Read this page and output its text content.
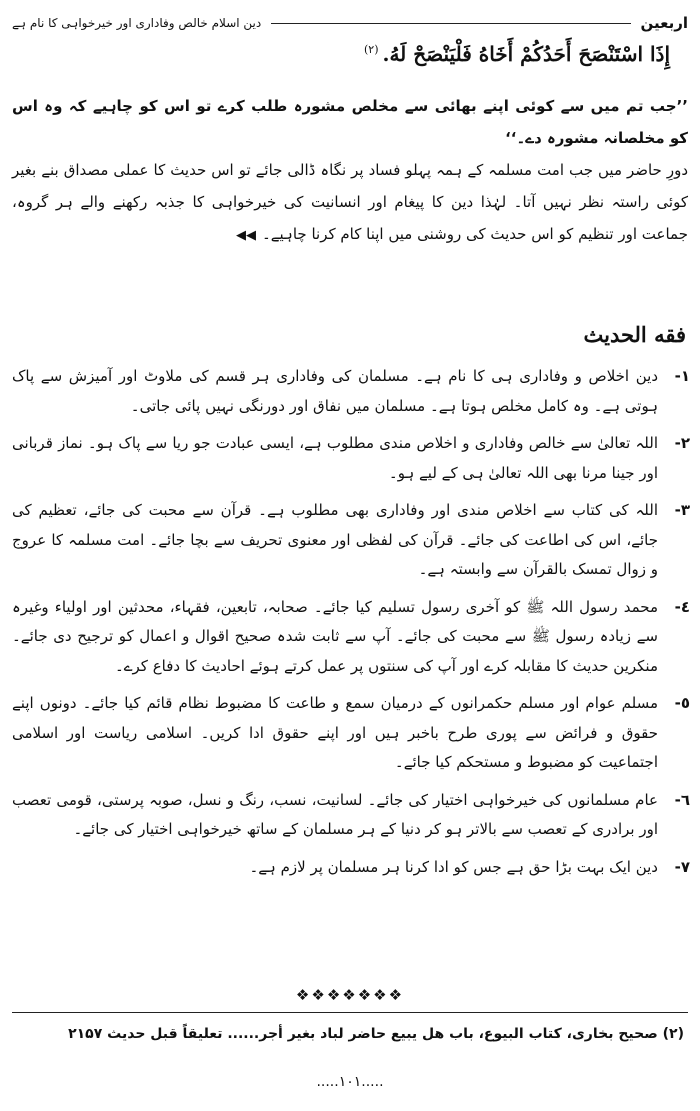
اربعین
دین اسلام خالص وفاداری اور خیرخواہی کا نام ہے
إِذَا اسْتَنْصَحَ أَحَدُكُمْ أَخَاهُ فَلْيَنْصَحْ لَهُ.$^{(٢)}$

’’جب تم میں سے کوئی اپنے بھائی سے مخلص مشورہ طلب کرے تو اس کو چاہیے کہ وہ اس کو مخلصانہ مشورہ دے۔‘‘

دورِ حاضر میں جب امت مسلمہ کے ہمہ پہلو فساد پر نگاہ ڈالی جائے تو اس حدیث کا عملی مصداق بنے بغیر کوئی راستہ نظر نہیں آتا۔ لہٰذا دین کا پیغام اور انسانیت کی خیرخواہی کا جذبہ رکھنے والے ہر گروہ، جماعت اور تنظیم کو اس حدیث کی روشنی میں اپنا کام کرنا چاہیے۔◀◀

فقه الحديث
١-
دین اخلاص و وفاداری ہی کا نام ہے۔ مسلمان کی وفاداری ہر قسم کی ملاوٹ اور آمیزش سے پاک ہوتی ہے۔ وہ کامل مخلص ہوتا ہے۔ مسلمان میں نفاق اور دورنگی نہیں پائی جاتی۔
٢-
اللہ تعالیٰ سے خالص وفاداری و اخلاص مندی مطلوب ہے، ایسی عبادت جو ریا سے پاک ہو۔ نماز قربانی اور جینا مرنا بھی اللہ تعالیٰ ہی کے لیے ہو۔
٣-
اللہ کی کتاب سے اخلاص مندی اور وفاداری بھی مطلوب ہے۔ قرآن سے محبت کی جائے، تعظیم کی جائے، اس کی اطاعت کی جائے۔ قرآن کی لفظی اور معنوی تحریف سے بچا جائے۔ امت مسلمہ کا عروج و زوال تمسک بالقرآن سے وابستہ ہے۔
٤-
محمد رسول اللہ ﷺ کو آخری رسول تسلیم کیا جائے۔ صحابہ، تابعین، فقہاء، محدثین اور اولیاء وغیرہ سے زیادہ رسول ﷺ سے محبت کی جائے۔ آپ سے ثابت شدہ صحیح اقوال و اعمال کو ترجیح دی جائے۔ منکرین حدیث کا مقابلہ کرے اور آپ کی سنتوں پر عمل کرتے ہوئے احادیث کا دفاع کرے۔
٥-
مسلم عوام اور مسلم حکمرانوں کے درمیان سمع و طاعت کا مضبوط نظام قائم کیا جائے۔ دونوں اپنے حقوق و فرائض سے پوری طرح باخبر ہیں اور اپنے حقوق ادا کریں۔ اسلامی ریاست اور اسلامی اجتماعیت کو مضبوط و مستحکم کیا جائے۔
٦-
عام مسلمانوں کی خیرخواہی اختیار کی جائے۔ لسانیت، نسب، رنگ و نسل، صوبہ پرستی، قومی تعصب اور برادری کے تعصب سے بالاتر ہو کر دنیا کے ہر مسلمان کے ساتھ خیرخواہی اختیار کی جائے۔
٧-
دین ایک بہت بڑا حق ہے جس کو ادا کرنا ہر مسلمان پر لازم ہے۔
❖❖❖❖❖❖❖
(٢) صحیح بخاری، کتاب البیوع، باب هل يبيع حاضر لباد بغير أجر...... تعلیقاً قبل حدیث ۲۱۵۷
.....١٠١.....
